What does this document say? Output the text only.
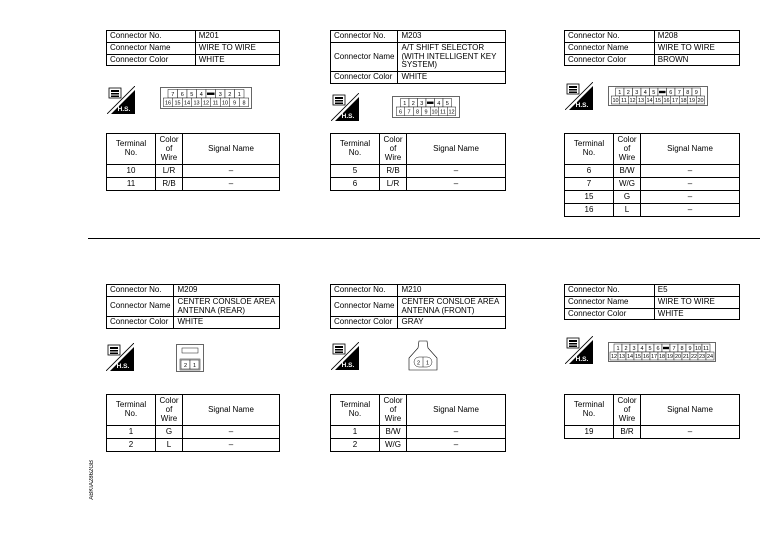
Connector No.	M201
Connector Name	WIRE TO WIRE
Connector Color	WHITE
H.S.
7 6 5 4	3 2 1
16 15 14 13 12 11 10 9 8
Terminal No.	Color of Wire	Signal Name
10	L/R	–
11	R/B	–
Connector No.	M203
Connector Name	A/T SHIFT SELECTOR (WITH INTELLIGENT KEY SYSTEM)
Connector Color	WHITE
H.S.
1 2 3	4 5
6 7 8 9 10 11 12
Terminal No.	Color of Wire	Signal Name
5	R/B	–
6	L/R	–
Connector No.	M208
Connector Name	WIRE TO WIRE
Connector Color	BROWN
H.S.
1 2 3 4 5	6 7 8 9
10 11 12 13 14 15 16 17 18 19 20
Terminal No.	Color of Wire	Signal Name
6	B/W	–
7	W/G	–
15	G	–
16	L	–
Connector No.	M209
Connector Name	CENTER CONSLOE AREA ANTENNA (REAR)
Connector Color	WHITE
H.S.	2 1
Terminal No.	Color of Wire	Signal Name
1	G	–
2	L	–
Connector No.	M210
Connector Name	CENTER CONSLOE AREA ANTENNA (FRONT)
Connector Color	GRAY
H.S.	2 1
Terminal No.	Color of Wire	Signal Name
1	B/W	–
2	W/G	–
Connector No.	E5
Connector Name	WIRE TO WIRE
Connector Color	WHITE
H.S.
1 2 3 4 5 6 7 8 9 10 11
12 13 14 15 16 17 18 19 20 21 22 23 24
Terminal No.	Color of Wire	Signal Name
19	B/R	–
ABKIA2862GB
